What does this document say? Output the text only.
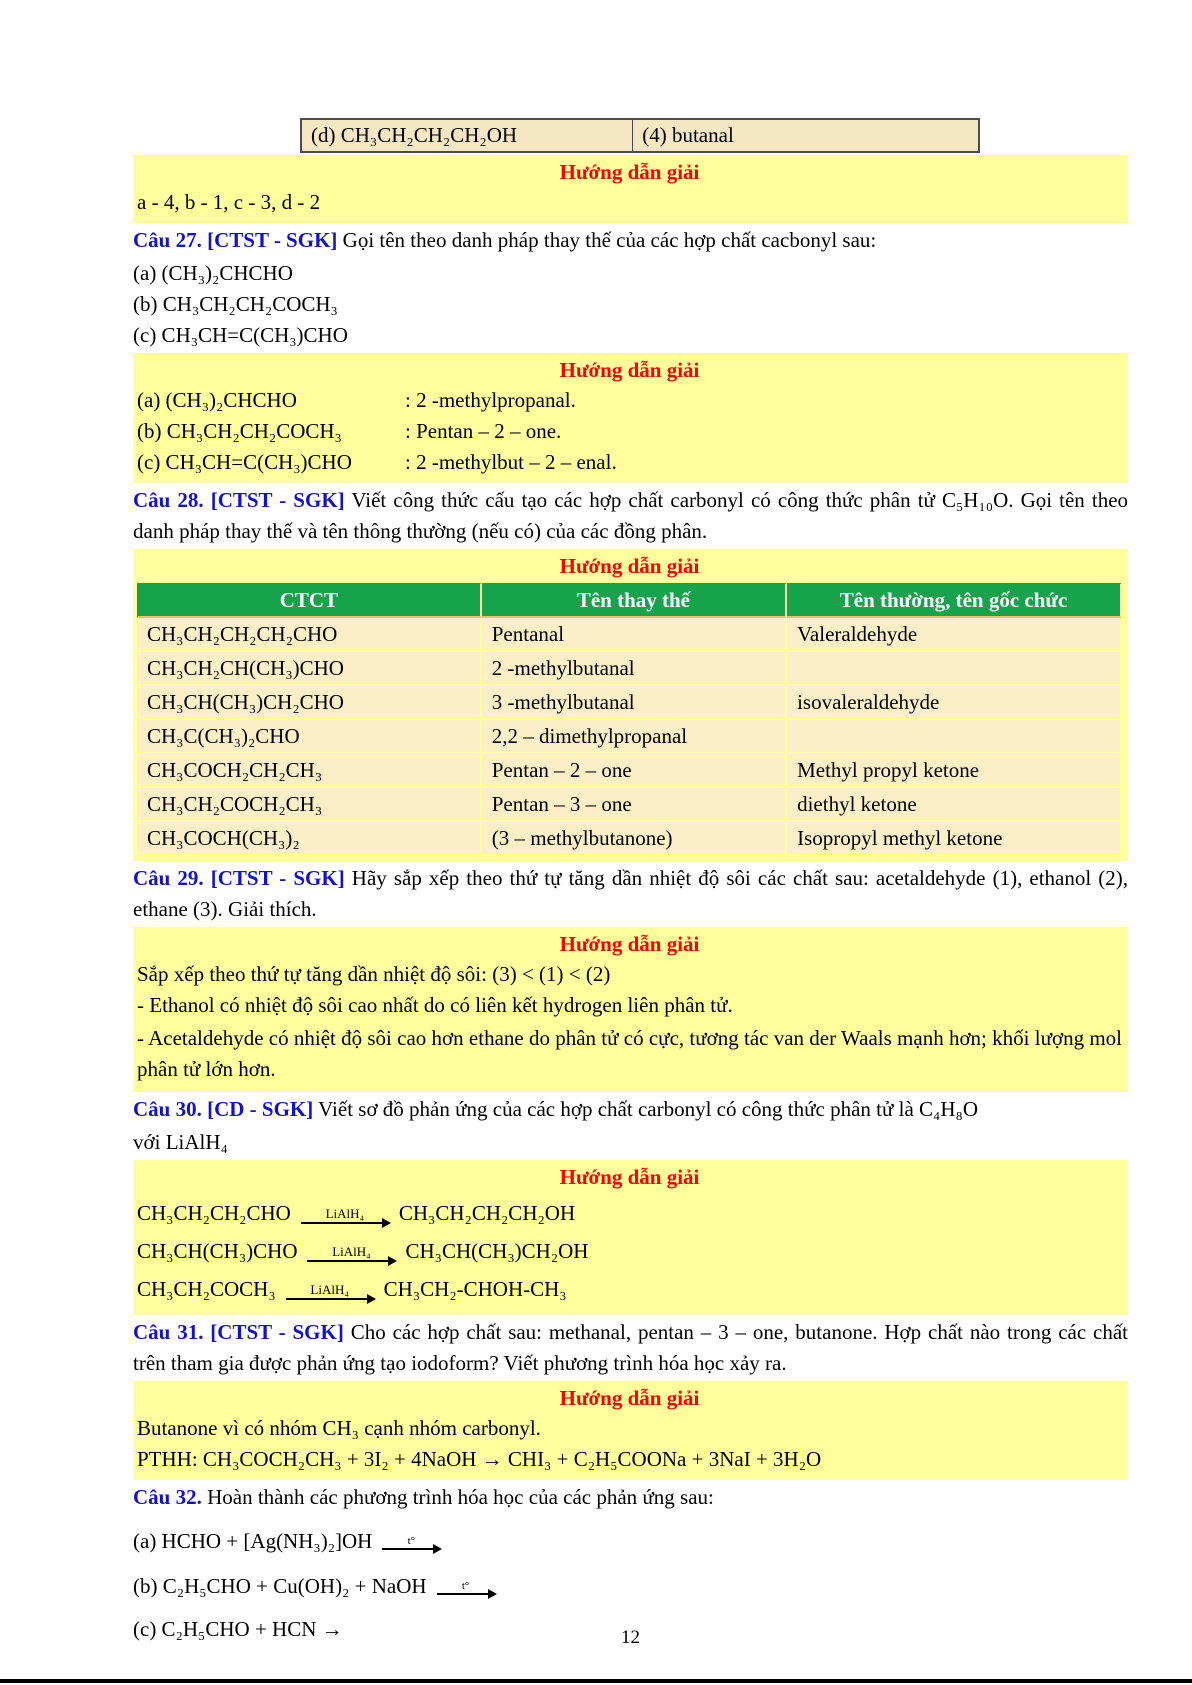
(d) CH₃CH₂CH₂CH₂OH	(4) butanal
Hướng dẫn giải
a - 4, b - 1, c - 3, d - 2
Câu 27. [CTST - SGK] Gọi tên theo danh pháp thay thế của các hợp chất cacbonyl sau:
(a) (CH₃)₂CHCHO
(b) CH₃CH₂CH₂COCH₃
(c) CH₃CH=C(CH₃)CHO
Hướng dẫn giải
(a) (CH₃)₂CHCHO	: 2 -methylpropanal.
(b) CH₃CH₂CH₂COCH₃	: Pentan – 2 – one.
(c) CH₃CH=C(CH₃)CHO	: 2 -methylbut – 2 – enal.
Câu 28. [CTST - SGK] Viết công thức cấu tạo các hợp chất carbonyl có công thức phân tử C₅H₁₀O. Gọi tên theo danh pháp thay thế và tên thông thường (nếu có) của các đồng phân.
Hướng dẫn giải
CTCT	Tên thay thế	Tên thường, tên gốc chức
CH₃CH₂CH₂CH₂CHO	Pentanal	Valeraldehyde
CH₃CH₂CH(CH₃)CHO	2 -methylbutanal	
CH₃CH(CH₃)CH₂CHO	3 -methylbutanal	isovaleraldehyde
CH₃C(CH₃)₂CHO	2,2 – dimethylpropanal	
CH₃COCH₂CH₂CH₃	Pentan – 2 – one	Methyl propyl ketone
CH₃CH₂COCH₂CH₃	Pentan – 3 – one	diethyl ketone
CH₃COCH(CH₃)₂	(3 – methylbutanone)	Isopropyl methyl ketone
Câu 29. [CTST - SGK] Hãy sắp xếp theo thứ tự tăng dần nhiệt độ sôi các chất sau: acetaldehyde (1), ethanol (2), ethane (3). Giải thích.
Hướng dẫn giải
Sắp xếp theo thứ tự tăng dần nhiệt độ sôi: (3) < (1) < (2)
- Ethanol có nhiệt độ sôi cao nhất do có liên kết hydrogen liên phân tử.
- Acetaldehyde có nhiệt độ sôi cao hơn ethane do phân tử có cực, tương tác van der Waals mạnh hơn; khối lượng mol phân tử lớn hơn.
Câu 30. [CD - SGK] Viết sơ đồ phản ứng của các hợp chất carbonyl có công thức phân tử là C₄H₈O
với LiAlH₄
Hướng dẫn giải
CH₃CH₂CH₂CHO	LiAlH₄ CH₃CH₂CH₂CH₂OH
CH₃CH(CH₃)CHO	LiAlH₄ CH₃CH(CH₃)CH₂OH
CH₃CH₂COCH₃	LiAlH₄ CH₃CH₂-CHOH-CH₃
Câu 31. [CTST - SGK] Cho các hợp chất sau: methanal, pentan – 3 – one, butanone. Hợp chất nào trong các chất trên tham gia được phản ứng tạo iodoform? Viết phương trình hóa học xảy ra.
Hướng dẫn giải
Butanone vì có nhóm CH₃ cạnh nhóm carbonyl.
PTHH: CH₃COCH₂CH₃ + 3I₂ + 4NaOH → CHI₃ + C₂H₅COONa + 3NaI + 3H₂O
Câu 32. Hoàn thành các phương trình hóa học của các phản ứng sau:
(a) HCHO + [Ag(NH₃)₂]OH	t°
(b) C₂H₅CHO + Cu(OH)₂ + NaOH	t°
(c) C₂H₅CHO + HCN →	12
